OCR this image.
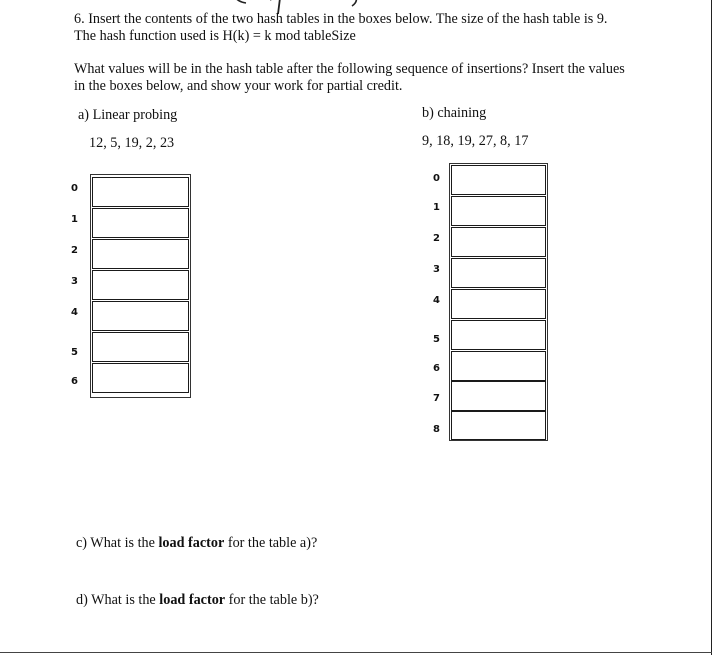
6. Insert the contents of the two hash tables in the boxes below. The size of the hash table is 9.
The hash function used is H(k) = k mod tableSize
What values will be in the hash table after the following sequence of insertions? Insert the values
in the boxes below, and show your work for partial credit.
a) Linear probing
12, 5, 19, 2, 23
b) chaining
9, 18, 19, 27, 8, 17
0
1
2
3
4
5
6
0
1
2
3
4
5
6
7
8
c) What is the load factor for the table a)?
d) What is the load factor for the table b)?
